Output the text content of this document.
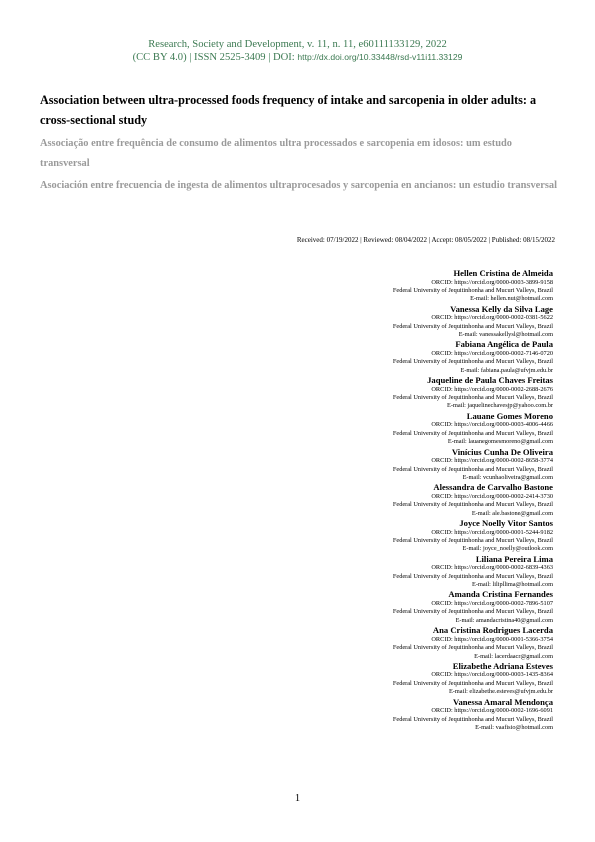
Research, Society and Development, v. 11, n. 11, e60111133129, 2022
(CC BY 4.0) | ISSN 2525-3409 | DOI: http://dx.doi.org/10.33448/rsd-v11i11.33129
Association between ultra-processed foods frequency of intake and sarcopenia in older adults: a cross-sectional study
Associação entre frequência de consumo de alimentos ultra processados e sarcopenia em idosos: um estudo transversal
Asociación entre frecuencia de ingesta de alimentos ultraprocesados y sarcopenia en ancianos: un estudio transversal
Received: 07/19/2022 | Reviewed: 08/04/2022 | Accept: 08/05/2022 | Published: 08/15/2022
Hellen Cristina de Almeida
ORCID: https://orcid.org/0000-0003-3899-9158
Federal University of Jequitinhonha and Mucuri Valleys, Brazil
E-mail: hellen.nut@hotmail.com
Vanessa Kelly da Silva Lage
ORCID: https://orcid.org/0000-0002-0381-5622
Federal University of Jequitinhonha and Mucuri Valleys, Brazil
E-mail: vanessakellysl@hotmail.com
Fabiana Angélica de Paula
ORCID: https://orcid.org/0000-0002-7146-0720
Federal University of Jequitinhonha and Mucuri Valleys, Brazil
E-mail: fabiana.paula@ufvjm.edu.br
Jaqueline de Paula Chaves Freitas
ORCID: https://orcid.org/0000-0002-2688-2676
Federal University of Jequitinhonha and Mucuri Valleys, Brazil
E-mail: jaquelinechavesjp@yahoo.com.br
Lauane Gomes Moreno
ORCID: https://orcid.org/0000-0003-4006-4466
Federal University of Jequitinhonha and Mucuri Valleys, Brazil
E-mail: lauanegomesmoreno@gmail.com
Vinícius Cunha De Oliveira
ORCID: https://orcid.org/0000-0002-8658-3774
Federal University of Jequitinhonha and Mucuri Valleys, Brazil
E-mail: vcunhaoliveira@gmail.com
Alessandra de Carvalho Bastone
ORCID: https://orcid.org/0000-0002-2414-3730
Federal University of Jequitinhonha and Mucuri Valleys, Brazil
E-mail: ale.bastone@gmail.com
Joyce Noelly Vitor Santos
ORCID: https://orcid.org/0000-0001-5244-9182
Federal University of Jequitinhonha and Mucuri Valleys, Brazil
E-mail: joyce_noelly@outlook.com
Liliana Pereira Lima
ORCID: https://orcid.org/0000-0002-6839-4363
Federal University of Jequitinhonha and Mucuri Valleys, Brazil
E-mail: lilipllima@hotmail.com
Amanda Cristina Fernandes
ORCID: https://orcid.org/0000-0002-7896-5107
Federal University of Jequitinhonha and Mucuri Valleys, Brazil
E-mail: amandacristina40@gmail.com
Ana Cristina Rodrigues Lacerda
ORCID: https://orcid.org/0000-0001-5366-3754
Federal University of Jequitinhonha and Mucuri Valleys, Brazil
E-mail: lacerdaacr@gmail.com
Elizabethe Adriana Esteves
ORCID: https://orcid.org/0000-0003-1435-8364
Federal University of Jequitinhonha and Mucuri Valleys, Brazil
E-mail: elizabethe.esteves@ufvjm.edu.br
Vanessa Amaral Mendonça
ORCID: https://orcid.org/0000-0002-1696-6091
Federal University of Jequitinhonha and Mucuri Valleys, Brazil
E-mail: vaafisio@hotmail.com
1
